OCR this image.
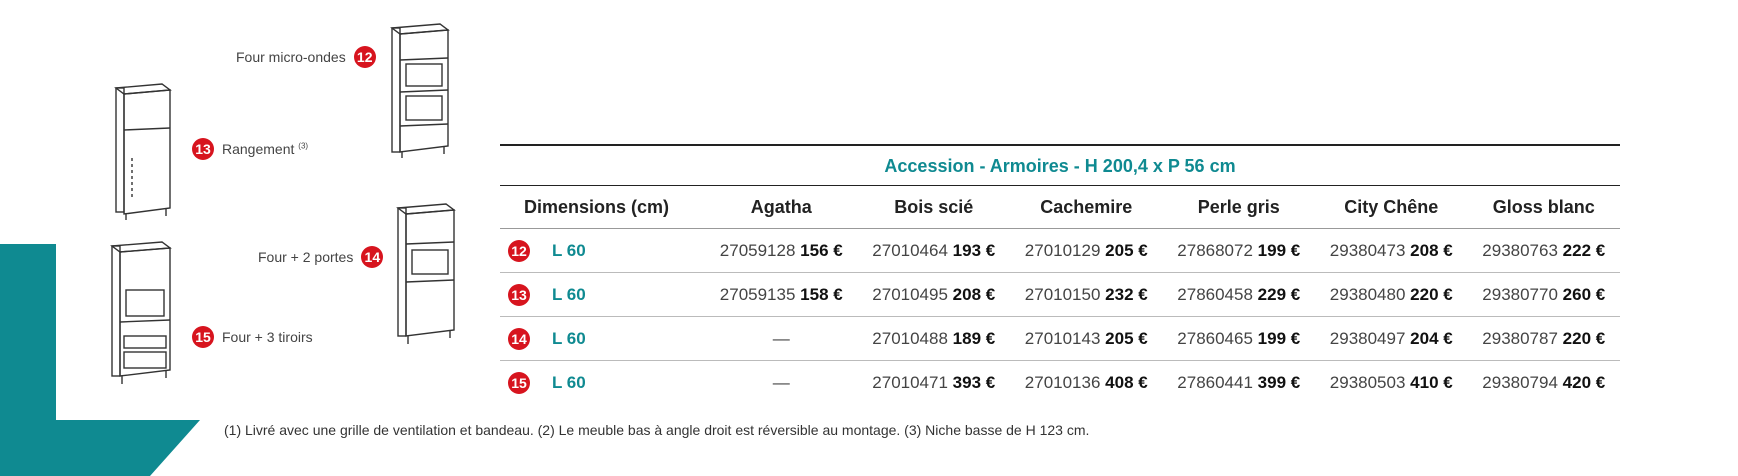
Four micro-ondes 12
13 Rangement $^{(3)}$
Four + 2 portes 14
15 Four + 3 tiroirs
Accession - Armoires - H 200,4 x P 56 cm
Dimensions (cm)	Agatha	Bois scié	Cachemire	Perle gris	City Chêne	Gloss blanc
12 L 60	27059128 156 €	27010464 193 €	27010129 205 €	27868072 199 €	29380473 208 €	29380763 222 €
13 L 60	27059135 158 €	27010495 208 €	27010150 232 €	27860458 229 €	29380480 220 €	29380770 260 €
14 L 60	—	27010488 189 €	27010143 205 €	27860465 199 €	29380497 204 €	29380787 220 €
15 L 60	—	27010471 393 €	27010136 408 €	27860441 399 €	29380503 410 €	29380794 420 €
(1) Livré avec une grille de ventilation et bandeau. (2) Le meuble bas à angle droit est réversible au montage. (3) Niche basse de H 123 cm.
